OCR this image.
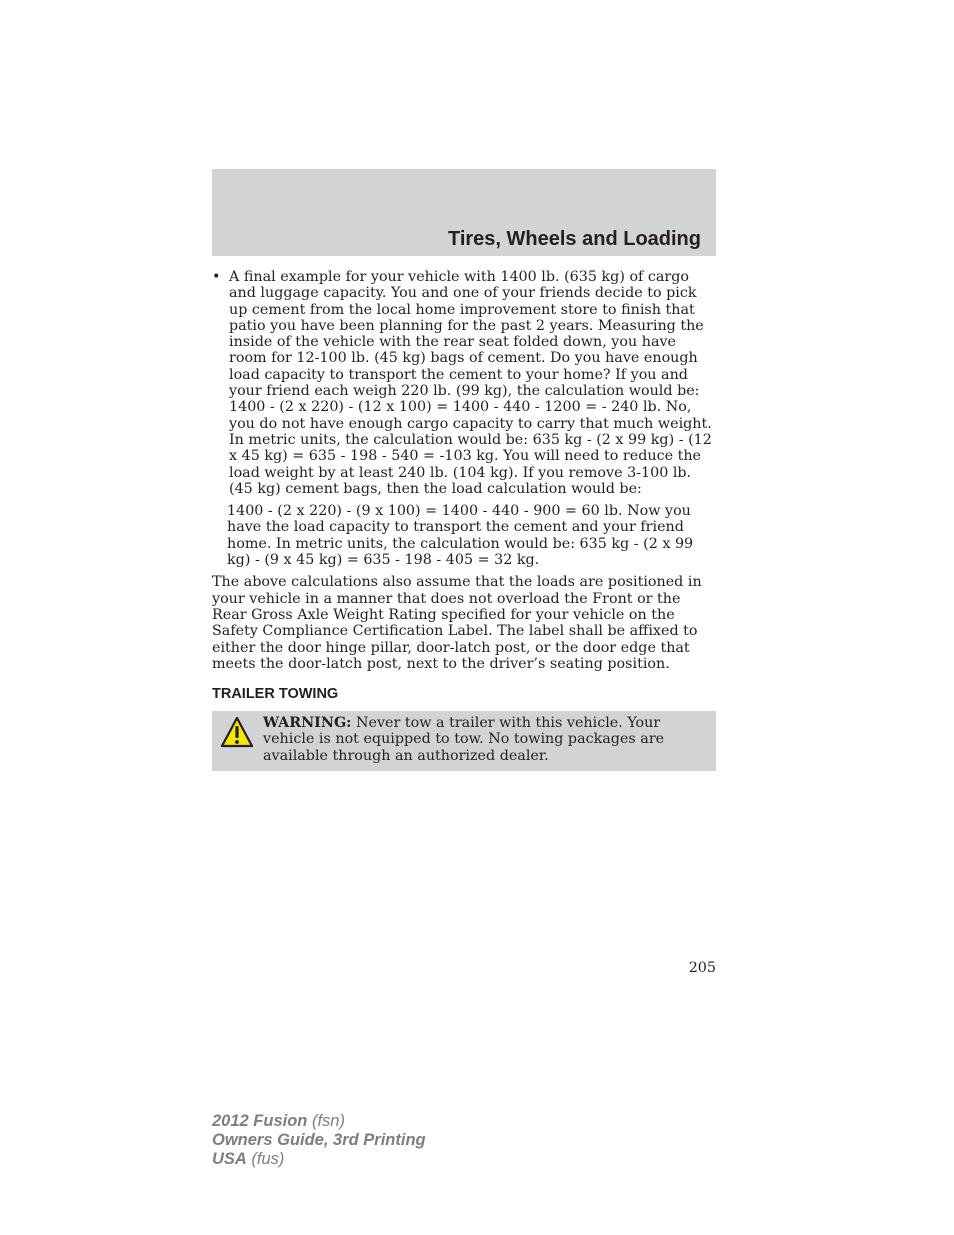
Tires, Wheels and Loading
• A final example for your vehicle with 1400 lb. (635 kg) of cargo and luggage capacity. You and one of your friends decide to pick up cement from the local home improvement store to finish that patio you have been planning for the past 2 years. Measuring the inside of the vehicle with the rear seat folded down, you have room for 12-100 lb. (45 kg) bags of cement. Do you have enough load capacity to transport the cement to your home? If you and your friend each weigh 220 lb. (99 kg), the calculation would be: 1400 - (2 x 220) - (12 x 100) = 1400 - 440 - 1200 = - 240 lb. No, you do not have enough cargo capacity to carry that much weight. In metric units, the calculation would be: 635 kg - (2 x 99 kg) - (12 x 45 kg) = 635 - 198 - 540 = -103 kg. You will need to reduce the load weight by at least 240 lb. (104 kg). If you remove 3-100 lb. (45 kg) cement bags, then the load calculation would be:

1400 - (2 x 220) - (9 x 100) = 1400 - 440 - 900 = 60 lb. Now you have the load capacity to transport the cement and your friend home. In metric units, the calculation would be: 635 kg - (2 x 99 kg) - (9 x 45 kg) = 635 - 198 - 405 = 32 kg.

The above calculations also assume that the loads are positioned in your vehicle in a manner that does not overload the Front or the Rear Gross Axle Weight Rating specified for your vehicle on the Safety Compliance Certification Label. The label shall be affixed to either the door hinge pillar, door-latch post, or the door edge that meets the door-latch post, next to the driver’s seating position.

TRAILER TOWING
WARNING: Never tow a trailer with this vehicle. Your vehicle is not equipped to tow. No towing packages are available through an authorized dealer.
205
2012 Fusion (fsn)
Owners Guide, 3rd Printing
USA (fus)
